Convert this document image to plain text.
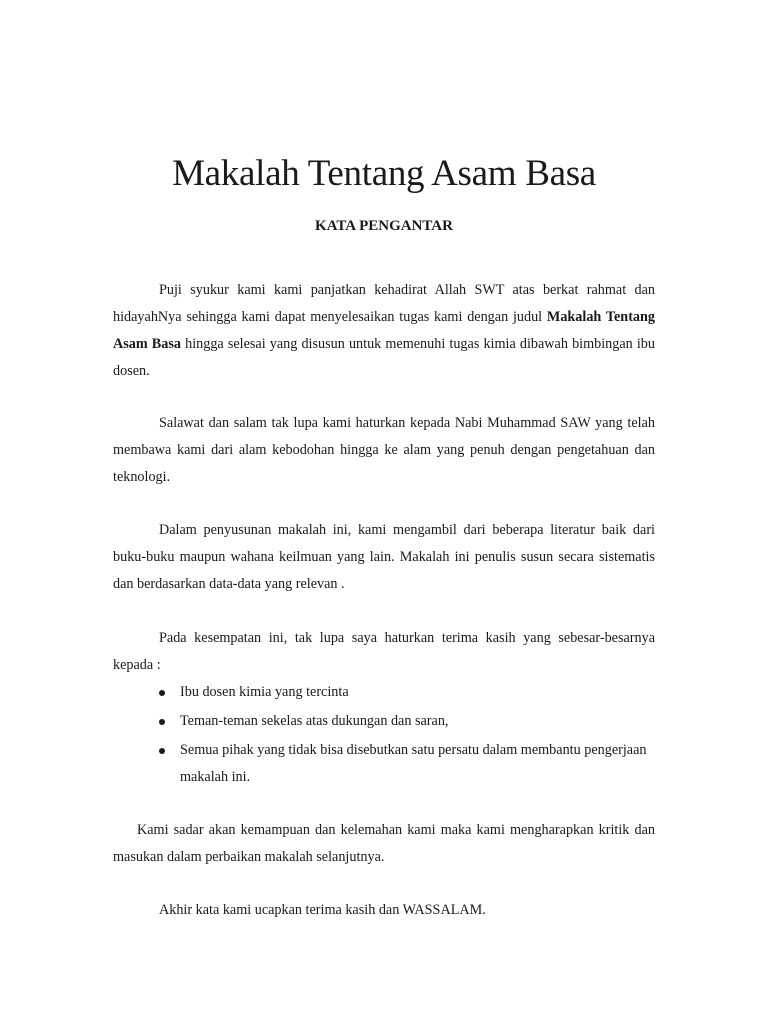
Makalah Tentang Asam Basa
KATA PENGANTAR

Puji syukur kami kami panjatkan kehadirat Allah SWT atas berkat rahmat dan hidayahNya sehingga kami dapat menyelesaikan tugas kami dengan judul Makalah Tentang Asam Basa hingga selesai yang disusun untuk memenuhi tugas kimia dibawah bimbingan ibu dosen.

Salawat dan salam tak lupa kami haturkan kepada Nabi Muhammad SAW yang telah membawa kami dari alam kebodohan hingga ke alam yang penuh dengan pengetahuan dan teknologi.

Dalam penyusunan makalah ini, kami mengambil dari beberapa literatur baik dari buku-buku maupun wahana keilmuan yang lain. Makalah ini penulis susun secara sistematis dan berdasarkan data-data yang relevan .

Pada kesempatan ini, tak lupa saya haturkan terima kasih yang sebesar-besarnya kepada :

Ibu dosen kimia yang tercinta
Teman-teman sekelas atas dukungan dan saran,
Semua pihak yang tidak bisa disebutkan satu persatu dalam membantu pengerjaan makalah ini.

Kami sadar akan kemampuan dan kelemahan kami maka kami mengharapkan kritik dan masukan dalam perbaikan makalah selanjutnya.

Akhir kata kami ucapkan terima kasih dan WASSALAM.
